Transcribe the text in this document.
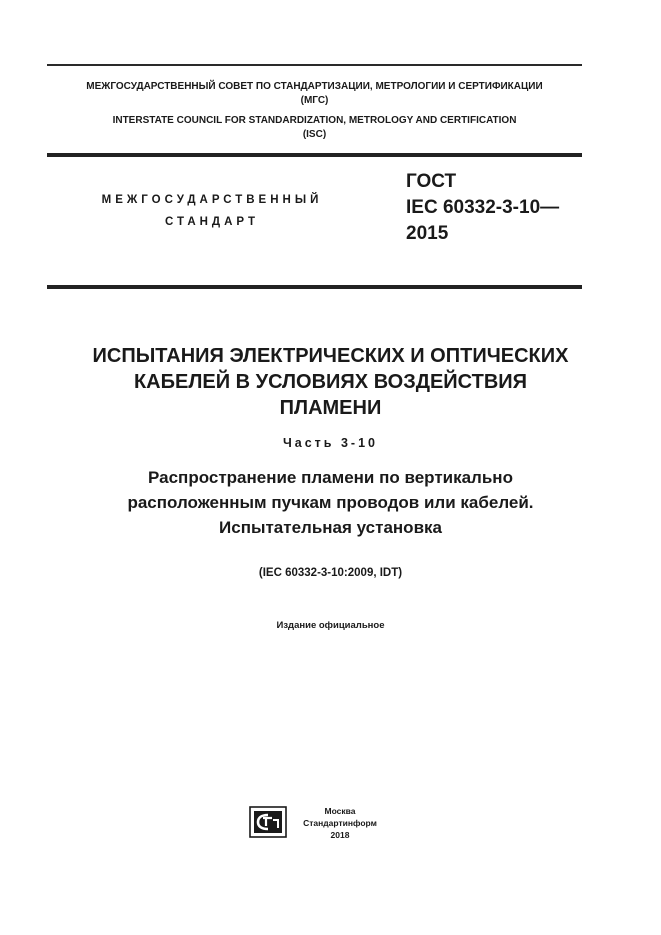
МЕЖГОСУДАРСТВЕННЫЙ СОВЕТ ПО СТАНДАРТИЗАЦИИ, МЕТРОЛОГИИ И СЕРТИФИКАЦИИ
(МГС)
INTERSTATE COUNCIL FOR STANDARDIZATION, METROLOGY AND CERTIFICATION
(ISC)
МЕЖГОСУДАРСТВЕННЫЙ
СТАНДАРТ
ГОСТ
IEC 60332-3-10—
2015
ИСПЫТАНИЯ ЭЛЕКТРИЧЕСКИХ И ОПТИЧЕСКИХ
КАБЕЛЕЙ В УСЛОВИЯХ ВОЗДЕЙСТВИЯ
ПЛАМЕНИ
Часть 3-10
Распространение пламени по вертикально
расположенным пучкам проводов или кабелей.
Испытательная установка
(IEC 60332-3-10:2009, IDT)
Издание официальное
Москва
Стандартинформ
2018
